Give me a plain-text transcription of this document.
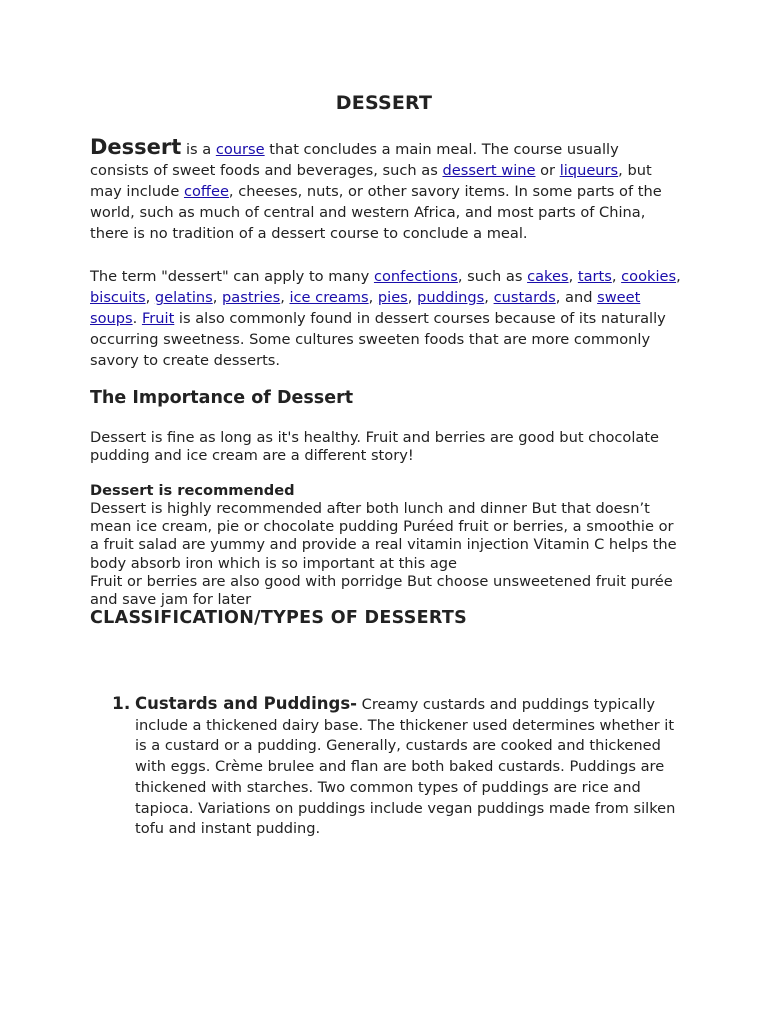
DESSERT

Dessert is a course that concludes a main meal. The course usually consists of sweet foods and beverages, such as dessert wine or liqueurs, but may include coffee, cheeses, nuts, or other savory items. In some parts of the world, such as much of central and western Africa, and most parts of China, there is no tradition of a dessert course to conclude a meal.

The term "dessert" can apply to many confections, such as cakes, tarts, cookies, biscuits, gelatins, pastries, ice creams, pies, puddings, custards, and sweet soups. Fruit is also commonly found in dessert courses because of its naturally occurring sweetness. Some cultures sweeten foods that are more commonly savory to create desserts.

The Importance of Dessert

Dessert is fine as long as it's healthy. Fruit and berries are good but chocolate pudding and ice cream are a different story!

Dessert is recommended

Dessert is highly recommended after both lunch and dinner But that doesn’t mean ice cream, pie or chocolate pudding Puréed fruit or berries, a smoothie or a fruit salad are yummy and provide a real vitamin injection Vitamin C helps the body absorb iron which is so important at this age

Fruit or berries are also good with porridge But choose unsweetened fruit purée and save jam for later

CLASSIFICATION/TYPES OF DESSERTS
1. Custards and Puddings- Creamy custards and puddings typically include a thickened dairy base. The thickener used determines whether it is a custard or a pudding. Generally, custards are cooked and thickened with eggs. Crème brulee and flan are both baked custards. Puddings are thickened with starches. Two common types of puddings are rice and tapioca. Variations on puddings include vegan puddings made from silken tofu and instant pudding.
